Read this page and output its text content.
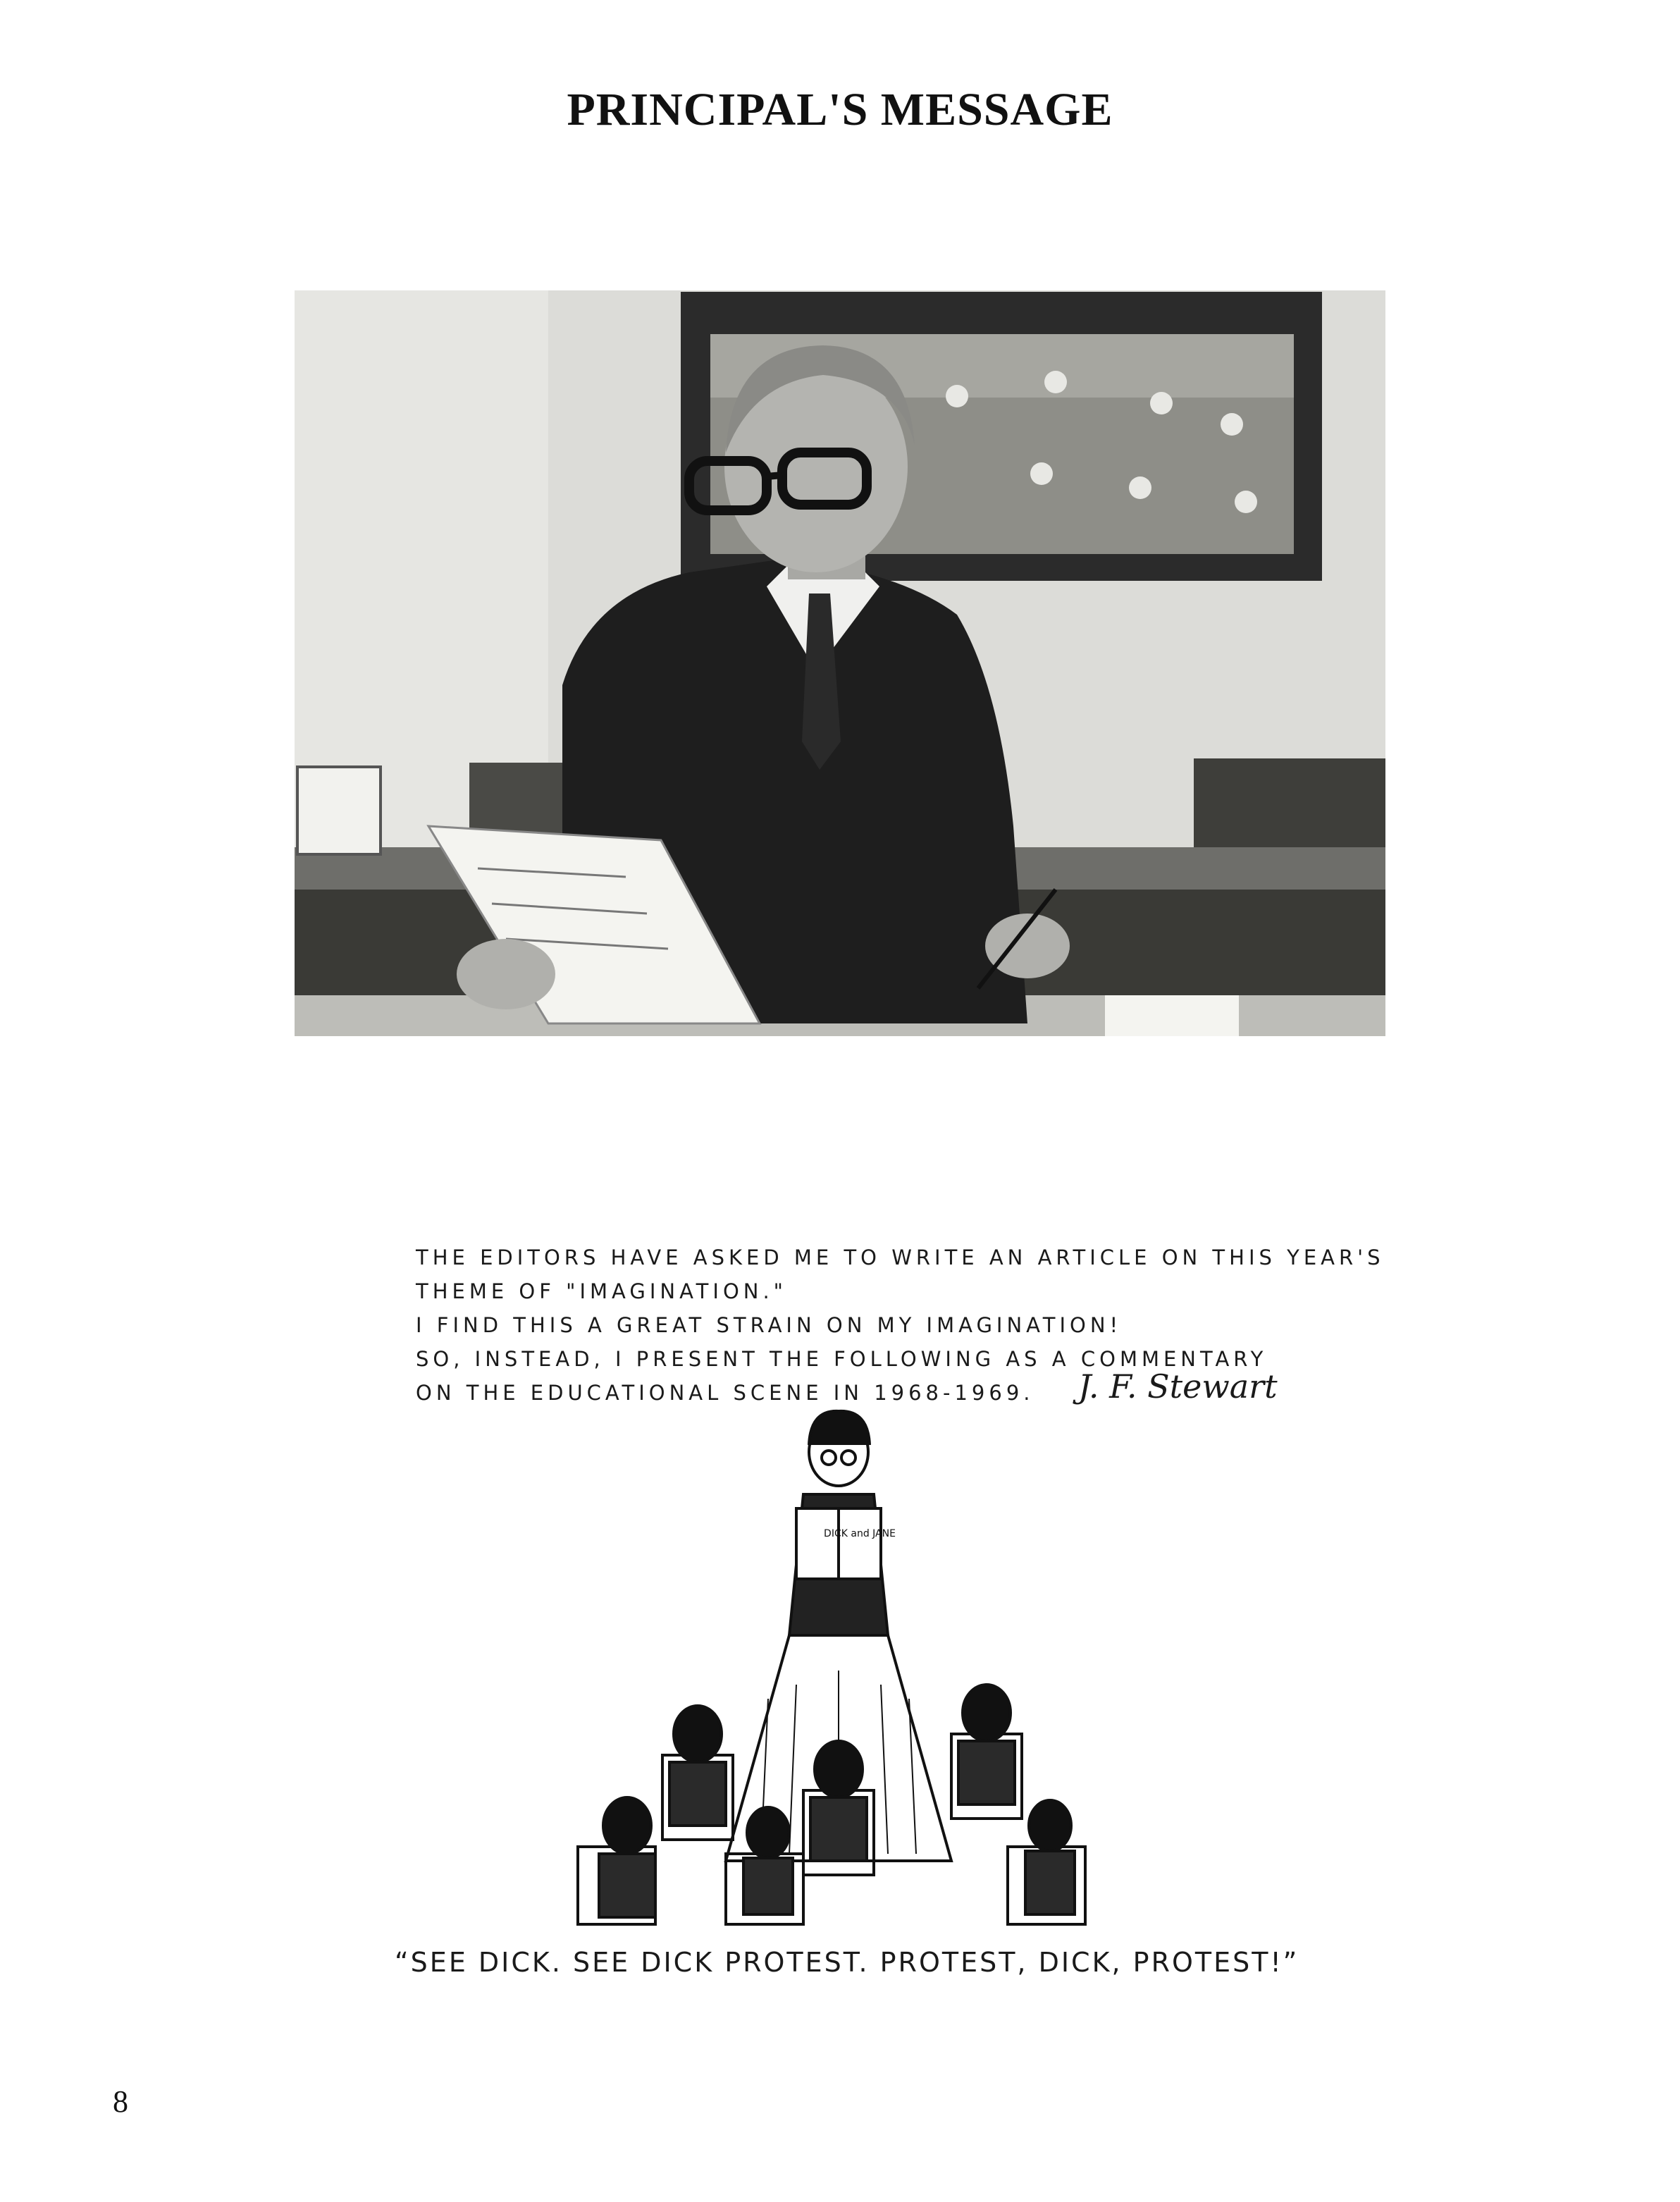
PRINCIPAL'S MESSAGE
THE EDITORS HAVE ASKED ME TO WRITE AN ARTICLE ON THIS YEAR'S
THEME OF "IMAGINATION."
I FIND THIS A GREAT STRAIN ON MY IMAGINATION!
SO, INSTEAD, I PRESENT THE FOLLOWING AS A COMMENTARY
ON THE EDUCATIONAL SCENE IN 1968-1969.	J. F. Stewart
DICK and JANE
“SEE DICK. SEE DICK PROTEST. PROTEST, DICK, PROTEST!”
8
